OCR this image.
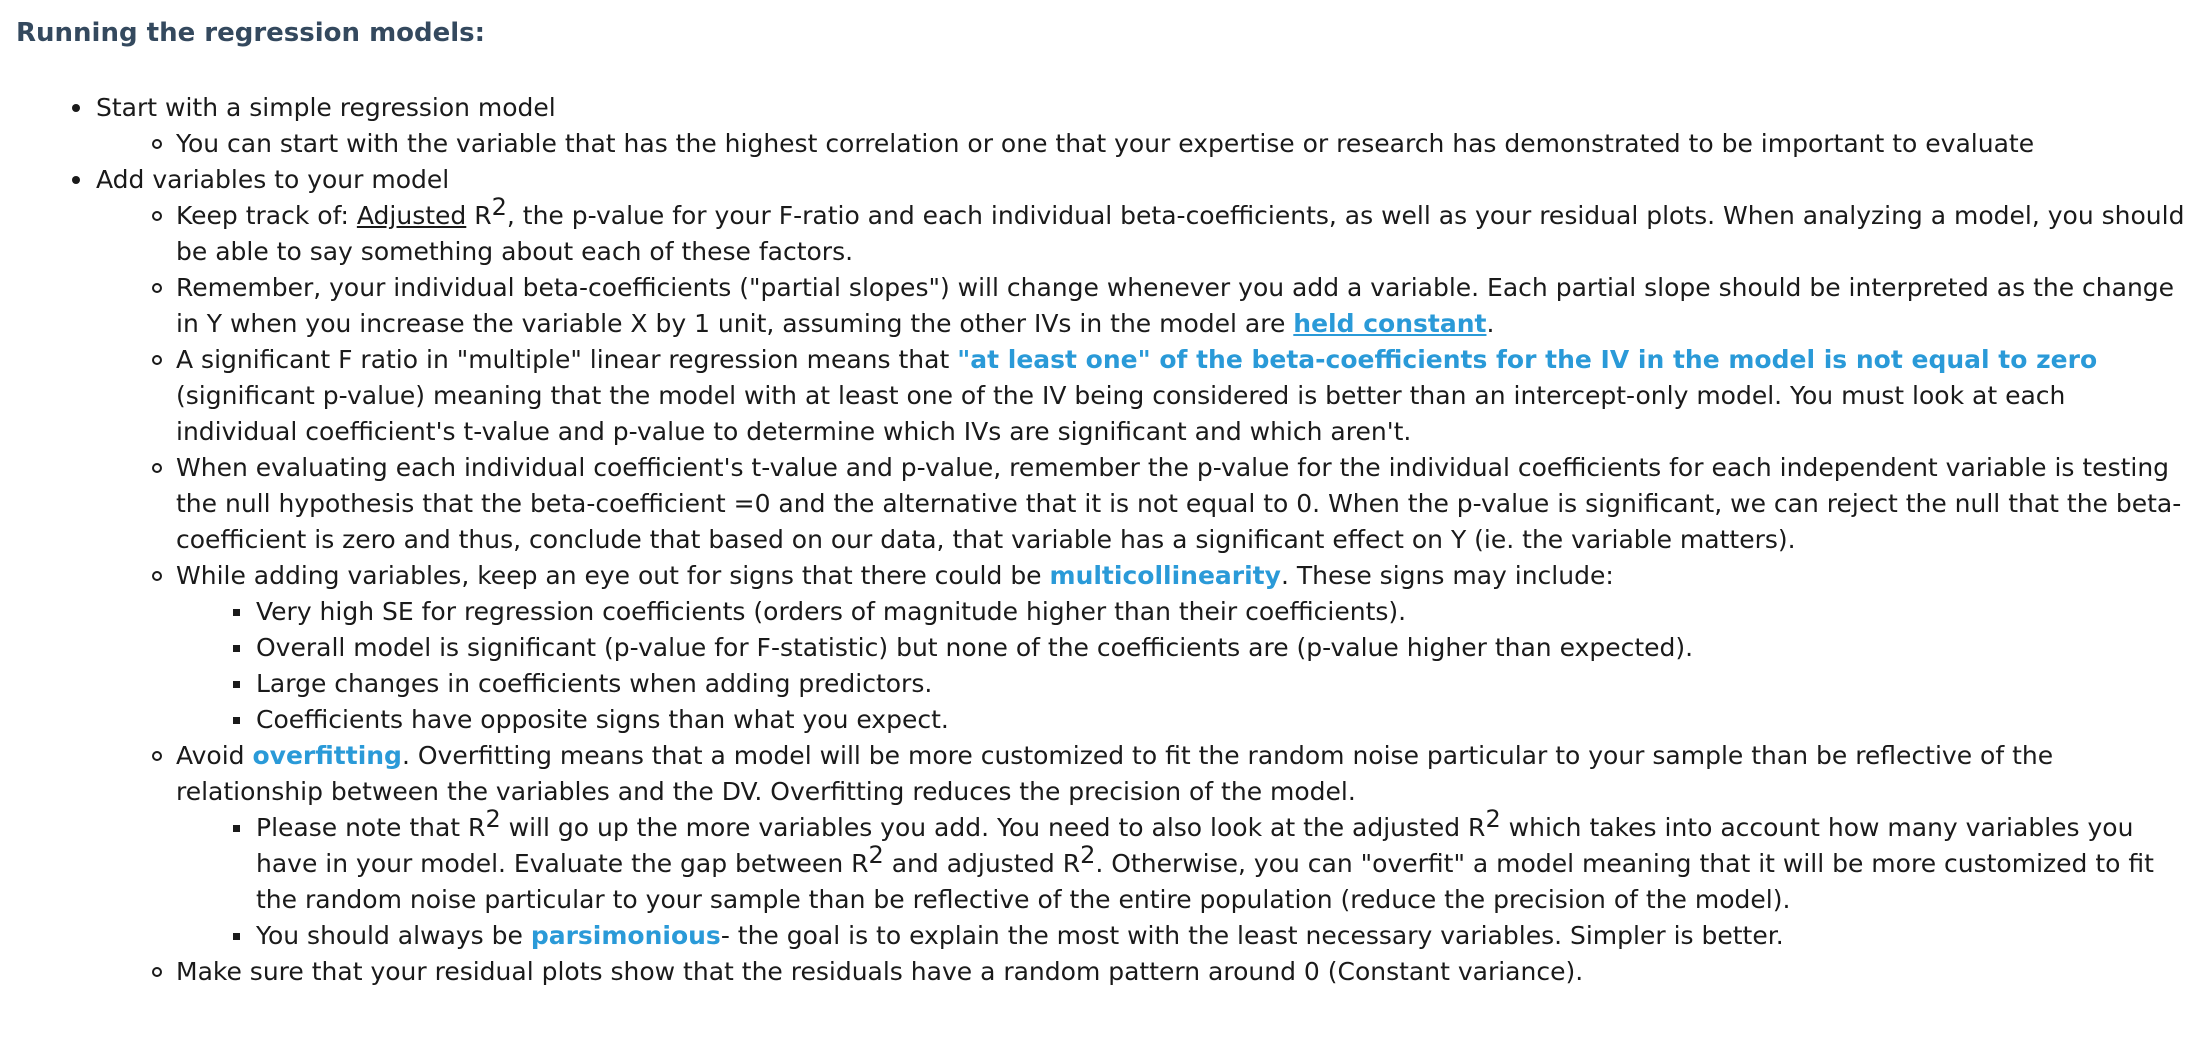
Running the regression models:
Start with a simple regression model
You can start with the variable that has the highest correlation or one that your expertise or research has demonstrated to be important to evaluate
Add variables to your model
Keep track of: Adjusted $R^2$, the p-value for your F-ratio and each individual beta-coefficients, as well as your residual plots. When analyzing a model, you should be able to say something about each of these factors.
Remember, your individual beta-coefficients ("partial slopes") will change whenever you add a variable. Each partial slope should be interpreted as the change in Y when you increase the variable X by 1 unit, assuming the other IVs in the model are held constant.
A significant F ratio in "multiple" linear regression means that "at least one" of the beta-coefficients for the IV in the model is not equal to zero (significant p-value) meaning that the model with at least one of the IV being considered is better than an intercept-only model. You must look at each individual coefficient's t-value and p-value to determine which IVs are significant and which aren't.
When evaluating each individual coefficient's t-value and p-value, remember the p-value for the individual coefficients for each independent variable is testing the null hypothesis that the beta-coefficient =0 and the alternative that it is not equal to 0. When the p-value is significant, we can reject the null that the beta-coefficient is zero and thus, conclude that based on our data, that variable has a significant effect on Y (ie. the variable matters).
While adding variables, keep an eye out for signs that there could be multicollinearity. These signs may include:
Very high SE for regression coefficients (orders of magnitude higher than their coefficients).
Overall model is significant (p-value for F-statistic) but none of the coefficients are (p-value higher than expected).
Large changes in coefficients when adding predictors.
Coefficients have opposite signs than what you expect.
Avoid overfitting. Overfitting means that a model will be more customized to fit the random noise particular to your sample than be reflective of the relationship between the variables and the DV. Overfitting reduces the precision of the model.
Please note that $R^2$ will go up the more variables you add. You need to also look at the adjusted $R^2$ which takes into account how many variables you have in your model. Evaluate the gap between $R^2$ and adjusted $R^2$. Otherwise, you can "overfit" a model meaning that it will be more customized to fit the random noise particular to your sample than be reflective of the entire population (reduce the precision of the model).
You should always be parsimonious- the goal is to explain the most with the least necessary variables. Simpler is better.
Make sure that your residual plots show that the residuals have a random pattern around 0 (Constant variance).
